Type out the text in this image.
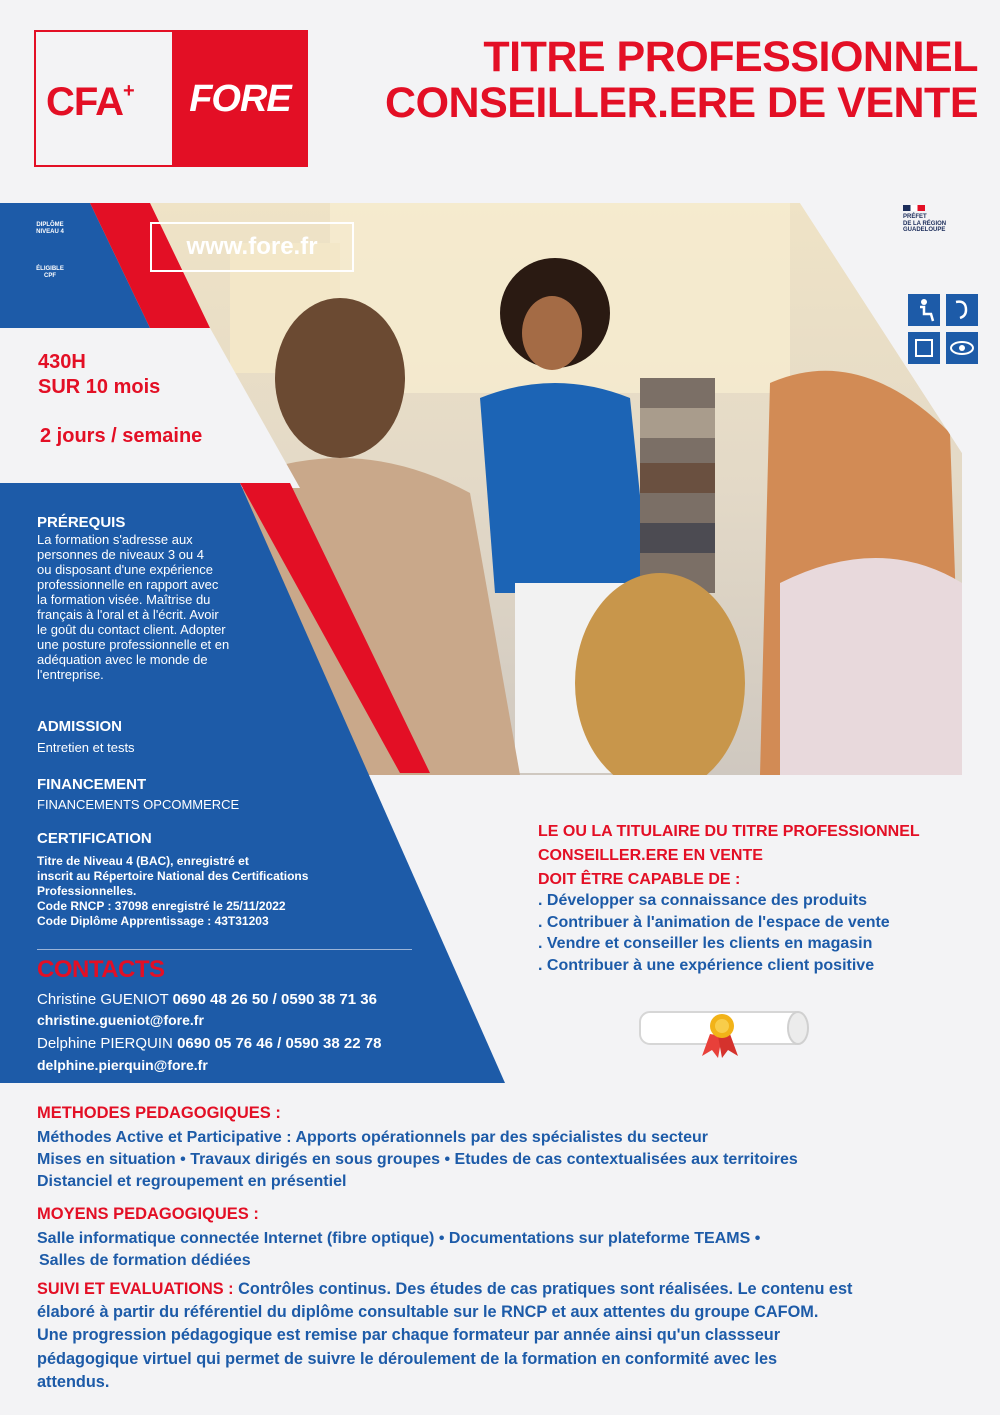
CFA+	FORE
TITRE PROFESSIONNEL
CONSEILLER.ERE DE VENTE
DIPLÔME NIVEAU 4
ÉLIGIBLE CPF
www.fore.fr
430H
SUR 10 mois
2 jours / semaine
PRÉREQUIS
La formation s'adresse aux
personnes de niveaux 3 ou 4
ou disposant d'une expérience
professionnelle en rapport avec
la formation visée. Maîtrise du
français à l'oral et à l'écrit. Avoir
le goût du contact client. Adopter
une posture professionnelle et en
adéquation avec le monde de
l'entreprise.
ADMISSION
Entretien et tests
FINANCEMENT
FINANCEMENTS OPCOMMERCE
CERTIFICATION
Titre de Niveau 4 (BAC), enregistré et
inscrit au Répertoire National des Certifications
Professionnelles.
Code RNCP : 37098 enregistré le 25/11/2022
Code Diplôme Apprentissage : 43T31203
CONTACTS
Christine GUENIOT 0690 48 26 50 / 0590 38 71 36
christine.gueniot@fore.fr
Delphine PIERQUIN 0690 05 76 46 / 0590 38 22 78
delphine.pierquin@fore.fr
PRÉFET
DE LA RÉGION
GUADELOUPE
LE OU LA TITULAIRE DU TITRE PROFESSIONNEL
CONSEILLER.ERE EN VENTE
DOIT ÊTRE CAPABLE DE :
. Développer sa connaissance des produits
. Contribuer à l'animation de l'espace de vente
. Vendre et conseiller les clients en magasin
. Contribuer à une expérience client positive
METHODES PEDAGOGIQUES :
Méthodes Active et Participative : Apports opérationnels par des spécialistes du secteur
Mises en situation • Travaux dirigés en sous groupes • Etudes de cas contextualisées aux territoires
Distanciel et regroupement en présentiel
MOYENS PEDAGOGIQUES :
Salle informatique connectée Internet (fibre optique) • Documentations sur plateforme TEAMS •
Salles de formation dédiées
SUIVI ET EVALUATIONS : Contrôles continus. Des études de cas pratiques sont réalisées. Le contenu est
élaboré à partir du référentiel du diplôme consultable sur le RNCP et aux attentes du groupe CAFOM.
Une progression pédagogique est remise par chaque formateur par année ainsi qu'un classseur
pédagogique virtuel qui permet de suivre le déroulement de la formation en conformité avec les
attendus.
